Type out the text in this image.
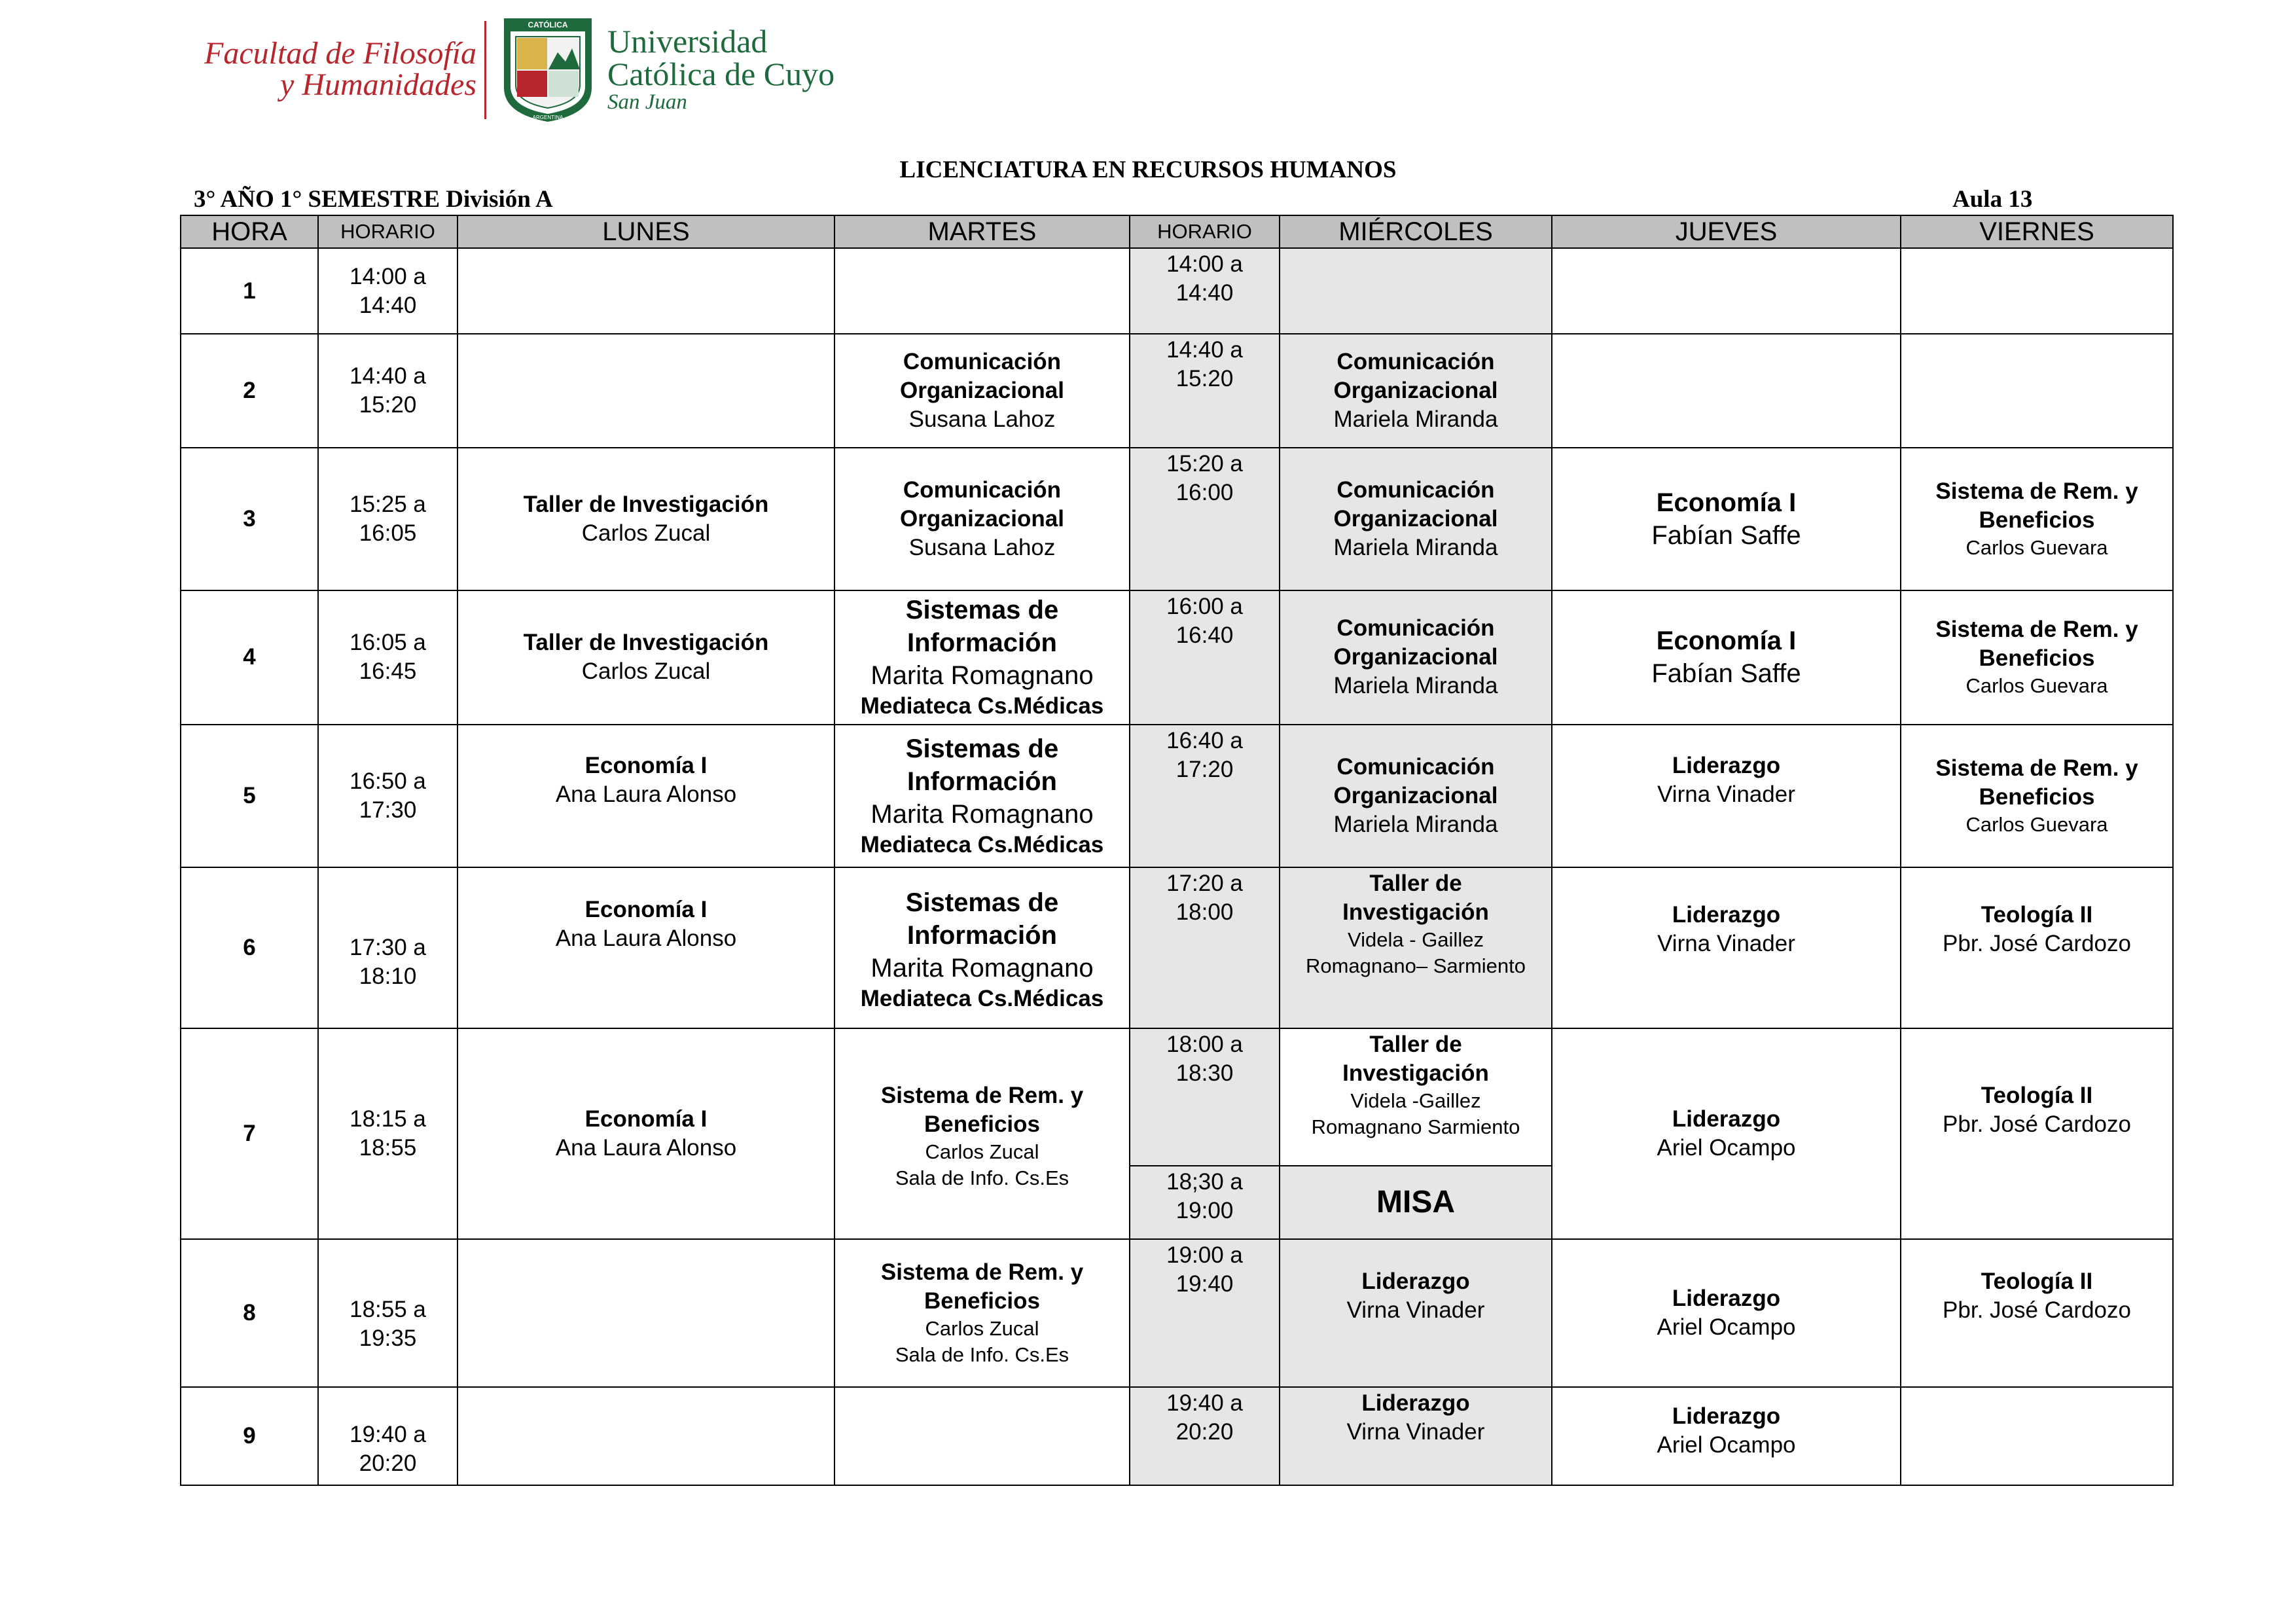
Facultad de Filosofía
y Humanidades
CATÓLICA
ARGENTINA
Universidad
Católica de Cuyo
San Juan
LICENCIATURA EN RECURSOS HUMANOS
3° AÑO 1° SEMESTRE División A	Aula 13
HORA	HORARIO	LUNES	MARTES	HORARIO	MIÉRCOLES	JUEVES	VIERNES
1	14:00 a
14:40			14:00 a
14:40			

2	14:40 a
15:20		Comunicación
Organizacional
Susana Lahoz	14:40 a
15:20	Comunicación
Organizacional
Mariela Miranda		

3	15:25 a
16:05	Taller de Investigación
Carlos Zucal	Comunicación
Organizacional
Susana Lahoz	15:20 a
16:00	Comunicación
Organizacional
Mariela Miranda	Economía I
Fabían Saffe	Sistema de Rem. y
Beneficios
Carlos Guevara

4	16:05 a
16:45	Taller de Investigación
Carlos Zucal	Sistemas de
Información
Marita Romagnano
Mediateca Cs.Médicas	16:00 a
16:40	Comunicación
Organizacional
Mariela Miranda	Economía I
Fabían Saffe	Sistema de Rem. y
Beneficios
Carlos Guevara

5	16:50 a
17:30	Economía I
Ana Laura Alonso	Sistemas de
Información
Marita Romagnano
Mediateca Cs.Médicas	16:40 a
17:20	Comunicación
Organizacional
Mariela Miranda	Liderazgo
Virna Vinader	Sistema de Rem. y
Beneficios
Carlos Guevara

6	17:30 a
18:10	Economía I
Ana Laura Alonso	Sistemas de
Información
Marita Romagnano
Mediateca Cs.Médicas	17:20 a
18:00	Taller de
Investigación
Videla - Gaillez
Romagnano– Sarmiento	Liderazgo
Virna Vinader	Teología II
Pbr. José Cardozo

7	18:15 a
18:55	Economía I
Ana Laura Alonso	Sistema de Rem. y
Beneficios
Carlos Zucal
Sala de Info. Cs.Es	18:00 a
18:30	Taller de
Investigación
Videla -Gaillez
Romagnano Sarmiento	Liderazgo
Ariel Ocampo	Teología II
Pbr. José Cardozo

				18;30 a
19:00	MISA		

8	18:55 a
19:35		Sistema de Rem. y
Beneficios
Carlos Zucal
Sala de Info. Cs.Es	19:00 a
19:40	Liderazgo
Virna Vinader	Liderazgo
Ariel Ocampo	Teología II
Pbr. José Cardozo

9	19:40 a
20:20			19:40 a
20:20	Liderazgo
Virna Vinader	Liderazgo
Ariel Ocampo	
